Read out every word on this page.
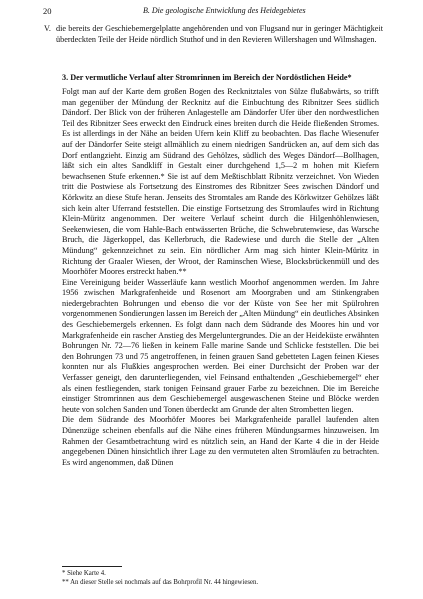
20	B. Die geologische Entwicklung des Heidegebietes
V. die bereits der Geschiebemergelplatte angehörenden und von Flugsand nur in geringer Mächtigkeit überdeckten Teile der Heide nördlich Stuthof und in den Revieren Willershagen und Wilmshagen.
3. Der vermutliche Verlauf alter Stromrinnen im Bereich der Nordöstlichen Heide*

Folgt man auf der Karte dem großen Bogen des Recknitztales von Sülze flußabwärts, so trifft man gegenüber der Mündung der Recknitz auf die Einbuchtung des Ribnitzer Sees südlich Dändorf. Der Blick von der früheren Anlagestelle am Dändorfer Ufer über den nordwestlichen Teil des Ribnitzer Sees erweckt den Eindruck eines breiten durch die Heide fließenden Stromes. Es ist allerdings in der Nähe an beiden Ufern kein Kliff zu beobachten. Das flache Wiesenufer auf der Dändorfer Seite steigt allmählich zu einem niedrigen Sandrücken an, auf dem sich das Dorf entlangzieht. Einzig am Südrand des Gehölzes, südlich des Weges Dändorf—Bollhagen, läßt sich ein altes Sandkliff in Gestalt einer durchgehend 1,5—2 m hohen mit Kiefern bewachsenen Stufe erkennen.* Sie ist auf dem Meßtischblatt Ribnitz verzeichnet. Von Wieden tritt die Postwiese als Fortsetzung des Einstromes des Ribnitzer Sees zwischen Dändorf und Körkwitz an diese Stufe heran. Jenseits des Stromtales am Rande des Körkwitzer Gehölzes läßt sich kein alter Uferrand feststellen. Die einstige Fortsetzung des Stromlaufes wird in Richtung Klein-Müritz angenommen. Der weitere Verlauf scheint durch die Hilgenhöhlenwiesen, Seekenwiesen, die vom Hahle-Bach entwässerten Brüche, die Schwebrutenwiese, das Warsche Bruch, die Jägerkoppel, das Kellerbruch, die Radewiese und durch die Stelle der „Alten Mündung“ gekennzeichnet zu sein. Ein nördlicher Arm mag sich hinter Klein-Müritz in Richtung der Graaler Wiesen, der Wroot, der Raminschen Wiese, Blocksbrückenmüll und des Moorhöfer Moores erstreckt haben.**

Eine Vereinigung beider Wasserläufe kann westlich Moorhof angenommen werden. Im Jahre 1956 zwischen Markgrafenheide und Rosenort am Moorgraben und am Stinkengraben niedergebrachten Bohrungen und ebenso die vor der Küste von See her mit Spülrohren vorgenommenen Sondierungen lassen im Bereich der „Alten Mündung“ ein deutliches Absinken des Geschiebemergels erkennen. Es folgt dann nach dem Südrande des Moores hin und vor Markgrafenheide ein rascher Anstieg des Mergeluntergrundes. Die an der Heideküste erwähnten Bohrungen Nr. 72—76 ließen in keinem Falle marine Sande und Schlicke feststellen. Die bei den Bohrungen 73 und 75 angetroffenen, in feinen grauen Sand gebetteten Lagen feinen Kieses konnten nur als Flußkies angesprochen werden. Bei einer Durchsicht der Proben war der Verfasser geneigt, den darunterliegenden, viel Feinsand enthaltenden „Geschiebemergel“ eher als einen festliegenden, stark tonigen Feinsand grauer Farbe zu bezeichnen. Die im Bereiche einstiger Stromrinnen aus dem Geschiebemergel ausgewaschenen Steine und Blöcke werden heute von solchen Sanden und Tonen überdeckt am Grunde der alten Strombetten liegen.

Die dem Südrande des Moorhöfer Moores bei Markgrafenheide parallel laufenden alten Dünenzüge scheinen ebenfalls auf die Nähe eines früheren Mündungsarmes hinzuweisen. Im Rahmen der Gesamtbetrachtung wird es nützlich sein, an Hand der Karte 4 die in der Heide angegebenen Dünen hinsichtlich ihrer Lage zu den vermuteten alten Stromläufen zu betrachten. Es wird angenommen, daß Dünen

* Siehe Karte 4.
** An dieser Stelle sei nochmals auf das Bohrprofil Nr. 44 hingewiesen.
